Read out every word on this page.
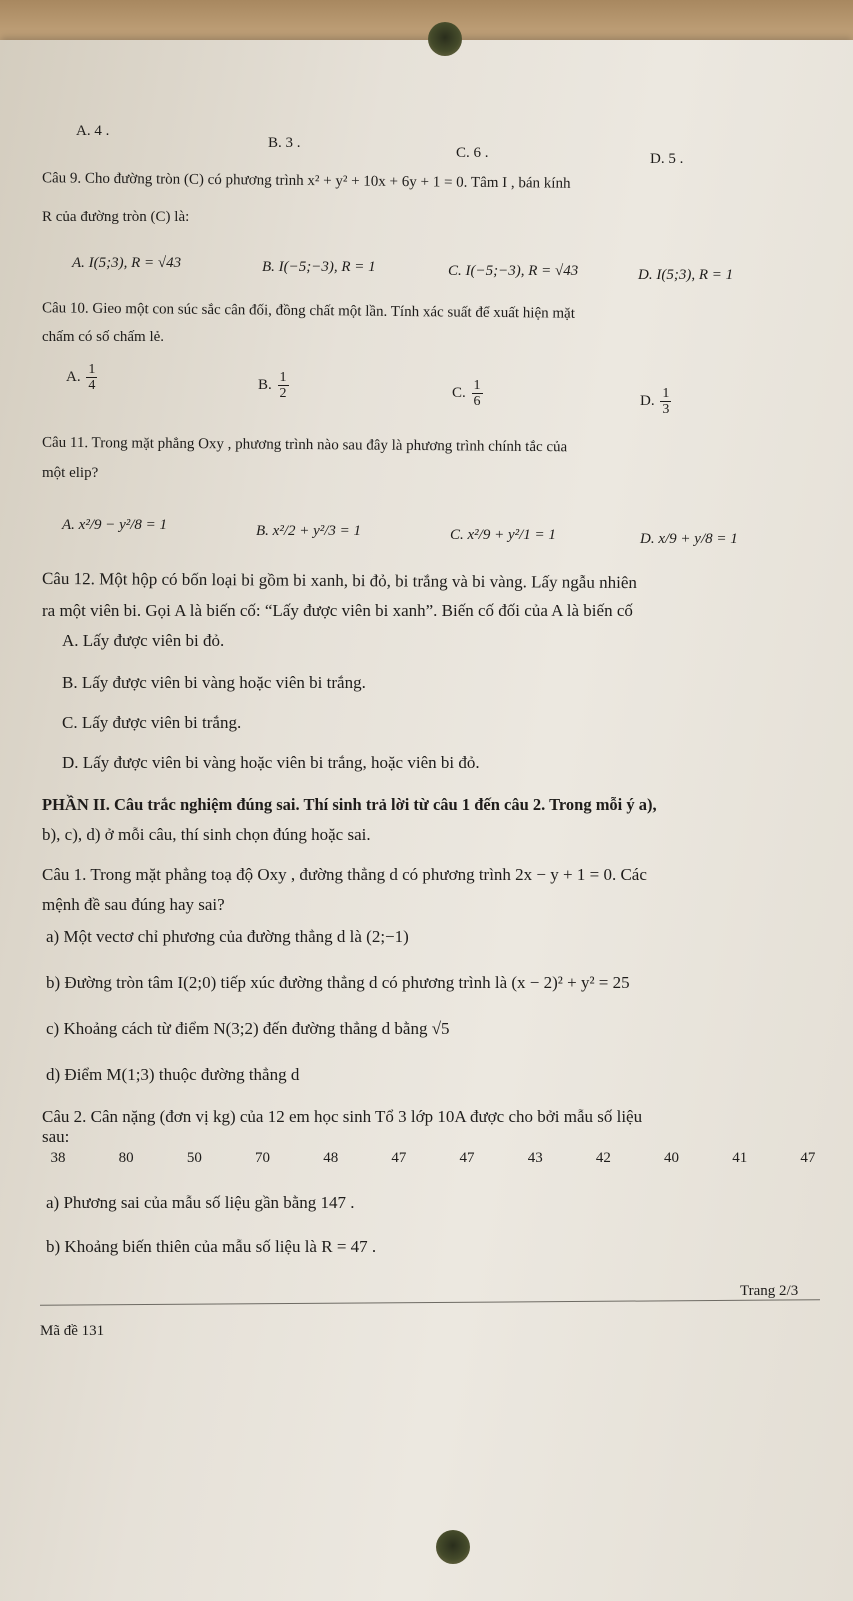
A. 4 .
B. 3 .
C. 6 .	D. 5 .
Câu 9. Cho đường tròn (C) có phương trình x² + y² + 10x + 6y + 1 = 0. Tâm I , bán kính
R của đường tròn (C) là:
A. I(5;3), R = √43	B. I(−5;−3), R = 1	C. I(−5;−3), R = √43	D. I(5;3), R = 1
Câu 10. Gieo một con súc sắc cân đối, đồng chất một lần. Tính xác suất để xuất hiện mặt
chấm có số chấm lẻ.
A. $\frac{1}{4}$	B. $\frac{1}{2}$	C. $\frac{1}{6}$	D. $\frac{1}{3}$
Câu 11. Trong mặt phẳng Oxy , phương trình nào sau đây là phương trình chính tắc của
một elip?
A. x²/9 − y²/8 = 1	B. x²/2 + y²/3 = 1	C. x²/9 + y²/1 = 1	D. x/9 + y/8 = 1
Câu 12. Một hộp có bốn loại bi gồm bi xanh, bi đỏ, bi trắng và bi vàng. Lấy ngẫu nhiên
ra một viên bi. Gọi A là biến cố: “Lấy được viên bi xanh”. Biến cố đối của A là biến cố
A. Lấy được viên bi đỏ.
B. Lấy được viên bi vàng hoặc viên bi trắng.
C. Lấy được viên bi trắng.
D. Lấy được viên bi vàng hoặc viên bi trắng, hoặc viên bi đỏ.
PHẦN II. Câu trắc nghiệm đúng sai. Thí sinh trả lời từ câu 1 đến câu 2. Trong mỗi ý a),
b), c), d) ở mỗi câu, thí sinh chọn đúng hoặc sai.
Câu 1. Trong mặt phẳng toạ độ Oxy , đường thẳng d có phương trình 2x − y + 1 = 0. Các
mệnh đề sau đúng hay sai?
a) Một vectơ chỉ phương của đường thẳng d là (2;−1)
b) Đường tròn tâm I(2;0) tiếp xúc đường thẳng d có phương trình là (x − 2)² + y² = 25
c) Khoảng cách từ điểm N(3;2) đến đường thẳng d bằng √5
d) Điểm M(1;3) thuộc đường thẳng d
Câu 2. Cân nặng (đơn vị kg) của 12 em học sinh Tổ 3 lớp 10A được cho bởi mẫu số liệu
sau:
38	80	50	70	48	47	47	43	42	40	41	47
a) Phương sai của mẫu số liệu gần bằng 147 .
b) Khoảng biến thiên của mẫu số liệu là R = 47 .
Trang 2/3
Mã đề 131
